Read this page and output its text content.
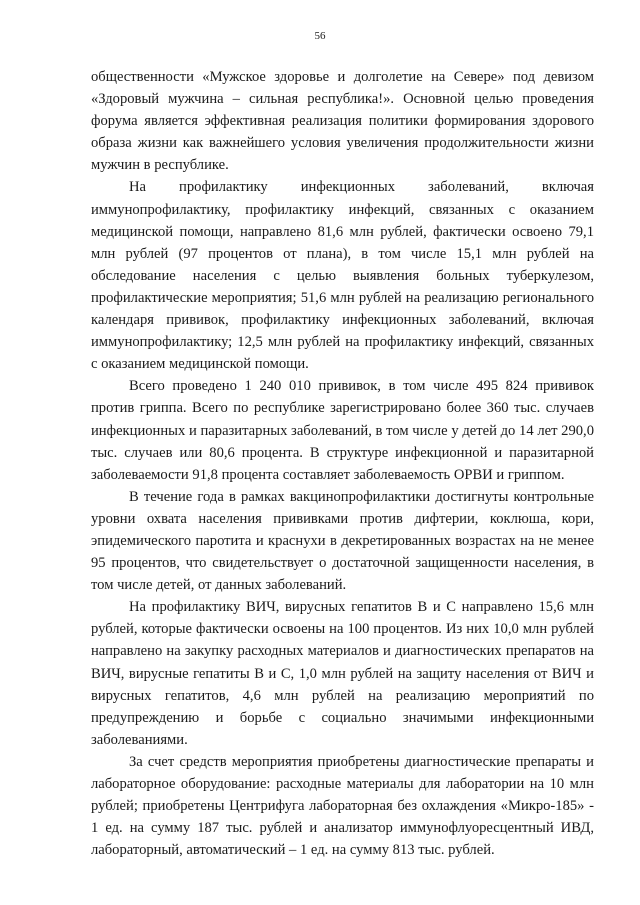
56

общественности «Мужское здоровье и долголетие на Севере» под девизом «Здоровый мужчина – сильная республика!». Основной целью проведения форума является эффективная реализация политики формирования здорового образа жизни как важнейшего условия увеличения продолжительности жизни мужчин в республике.

На профилактику инфекционных заболеваний, включая иммунопрофилактику, профилактику инфекций, связанных с оказанием медицинской помощи, направлено 81,6 млн рублей, фактически освоено 79,1 млн рублей (97 процентов от плана), в том числе 15,1 млн рублей на обследование населения с целью выявления больных туберкулезом, профилактические мероприятия; 51,6 млн рублей на реализацию регионального календаря прививок, профилактику инфекционных заболеваний, включая иммунопрофилактику; 12,5 млн рублей на профилактику инфекций, связанных с оказанием медицинской помощи.

Всего проведено 1 240 010 прививок, в том числе 495 824 прививок против гриппа. Всего по республике зарегистрировано более 360 тыс. случаев инфекционных и паразитарных заболеваний, в том числе у детей до 14 лет 290,0 тыс. случаев или 80,6 процента. В структуре инфекционной и паразитарной заболеваемости 91,8 процента составляет заболеваемость ОРВИ и гриппом.

В течение года в рамках вакцинопрофилактики достигнуты контрольные уровни охвата населения прививками против дифтерии, коклюша, кори, эпидемического паротита и краснухи в декретированных возрастах на не менее 95 процентов, что свидетельствует о достаточной защищенности населения, в том числе детей, от данных заболеваний.

На профилактику ВИЧ, вирусных гепатитов В и С направлено 15,6 млн рублей, которые фактически освоены на 100 процентов. Из них 10,0 млн рублей направлено на закупку расходных материалов и диагностических препаратов на ВИЧ, вирусные гепатиты В и С, 1,0 млн рублей на защиту населения от ВИЧ и вирусных гепатитов, 4,6 млн рублей на реализацию мероприятий по предупреждению и борьбе с социально значимыми инфекционными заболеваниями.

За счет средств мероприятия приобретены диагностические препараты и лабораторное оборудование: расходные материалы для лаборатории на 10 млн рублей; приобретены Центрифуга лабораторная без охлаждения «Микро-185» - 1 ед. на сумму 187 тыс. рублей и анализатор иммунофлуоресцентный ИВД, лабораторный, автоматический – 1 ед. на сумму 813 тыс. рублей.
